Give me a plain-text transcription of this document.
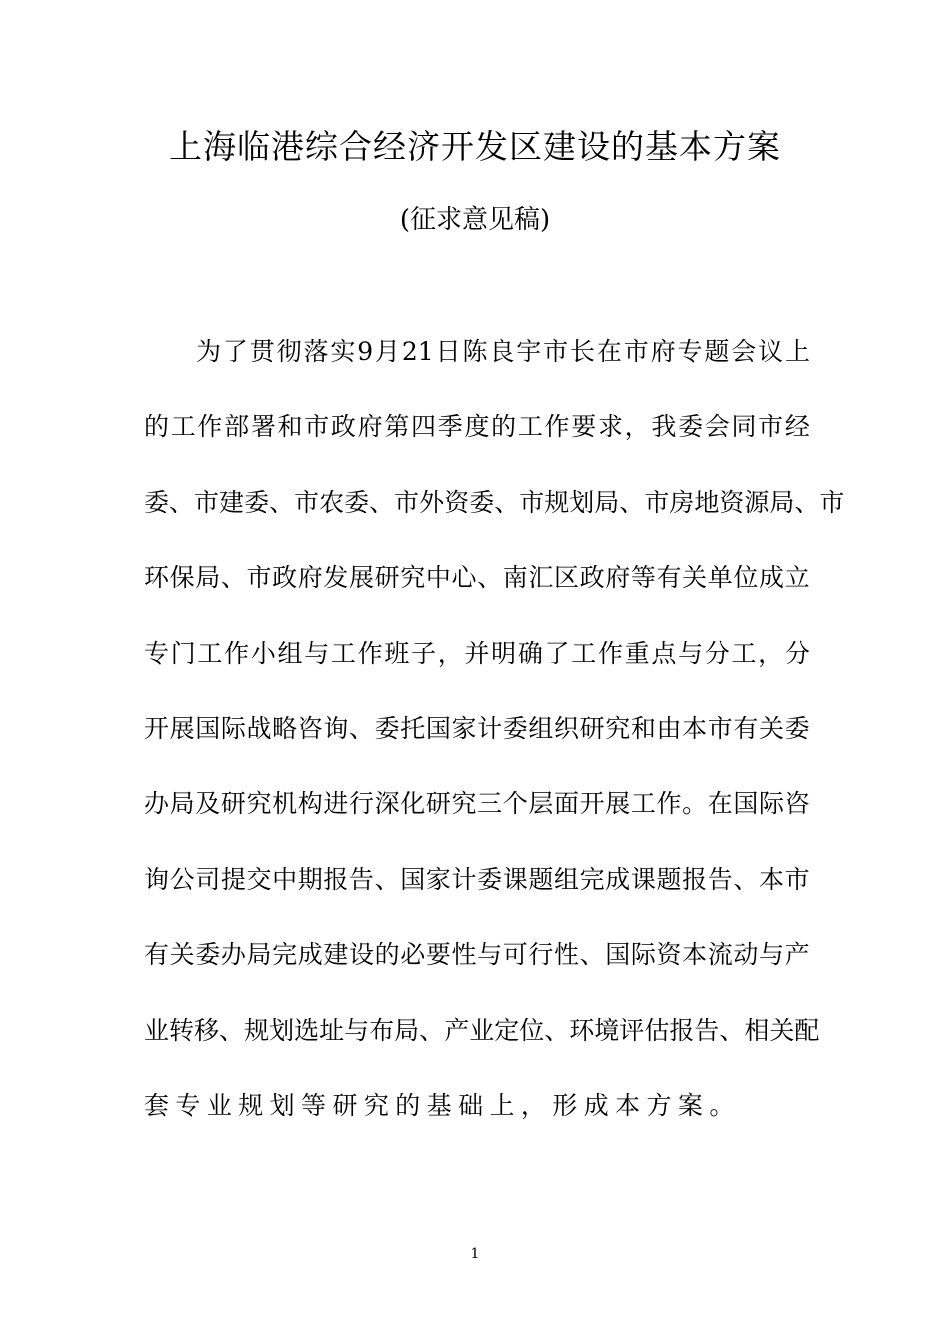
上海临港综合经济开发区建设的基本方案
(征求意见稿)
为 了 贯 彻 落 实 9 月 21 日 陈 良 宇 市 长 在 市 府 专 题 会 议 上
的 工 作 部 署 和 市 政 府 第 四 季 度 的 工 作 要 求 ， 我 委 会 同 市 经
委 、 市 建 委 、 市 农 委 、 市 外 资 委 、 市 规 划 局 、 市 房 地 资 源 局 、 市
环 保 局 、 市 政 府 发 展 研 究 中 心 、 南 汇 区 政 府 等 有 关 单 位 成 立
专 门 工 作 小 组 与 工 作 班 子 ， 并 明 确 了 工 作 重 点 与 分 工 ， 分
开 展 国 际 战 略 咨 询 、 委 托 国 家 计 委 组 织 研 究 和 由 本 市 有 关 委
办 局 及 研 究 机 构 进 行 深 化 研 究 三 个 层 面 开 展 工 作 。 在 国 际 咨
询 公 司 提 交 中 期 报 告 、 国 家 计 委 课 题 组 完 成 课 题 报 告 、 本 市
有 关 委 办 局 完 成 建 设 的 必 要 性 与 可 行 性 、 国 际 资 本 流 动 与 产
业 转 移 、 规 划 选 址 与 布 局 、 产 业 定 位 、 环 境 评 估 报 告 、 相 关 配
套 专 业 规 划 等 研 究 的 基 础 上 ， 形 成 本 方 案 。
1
